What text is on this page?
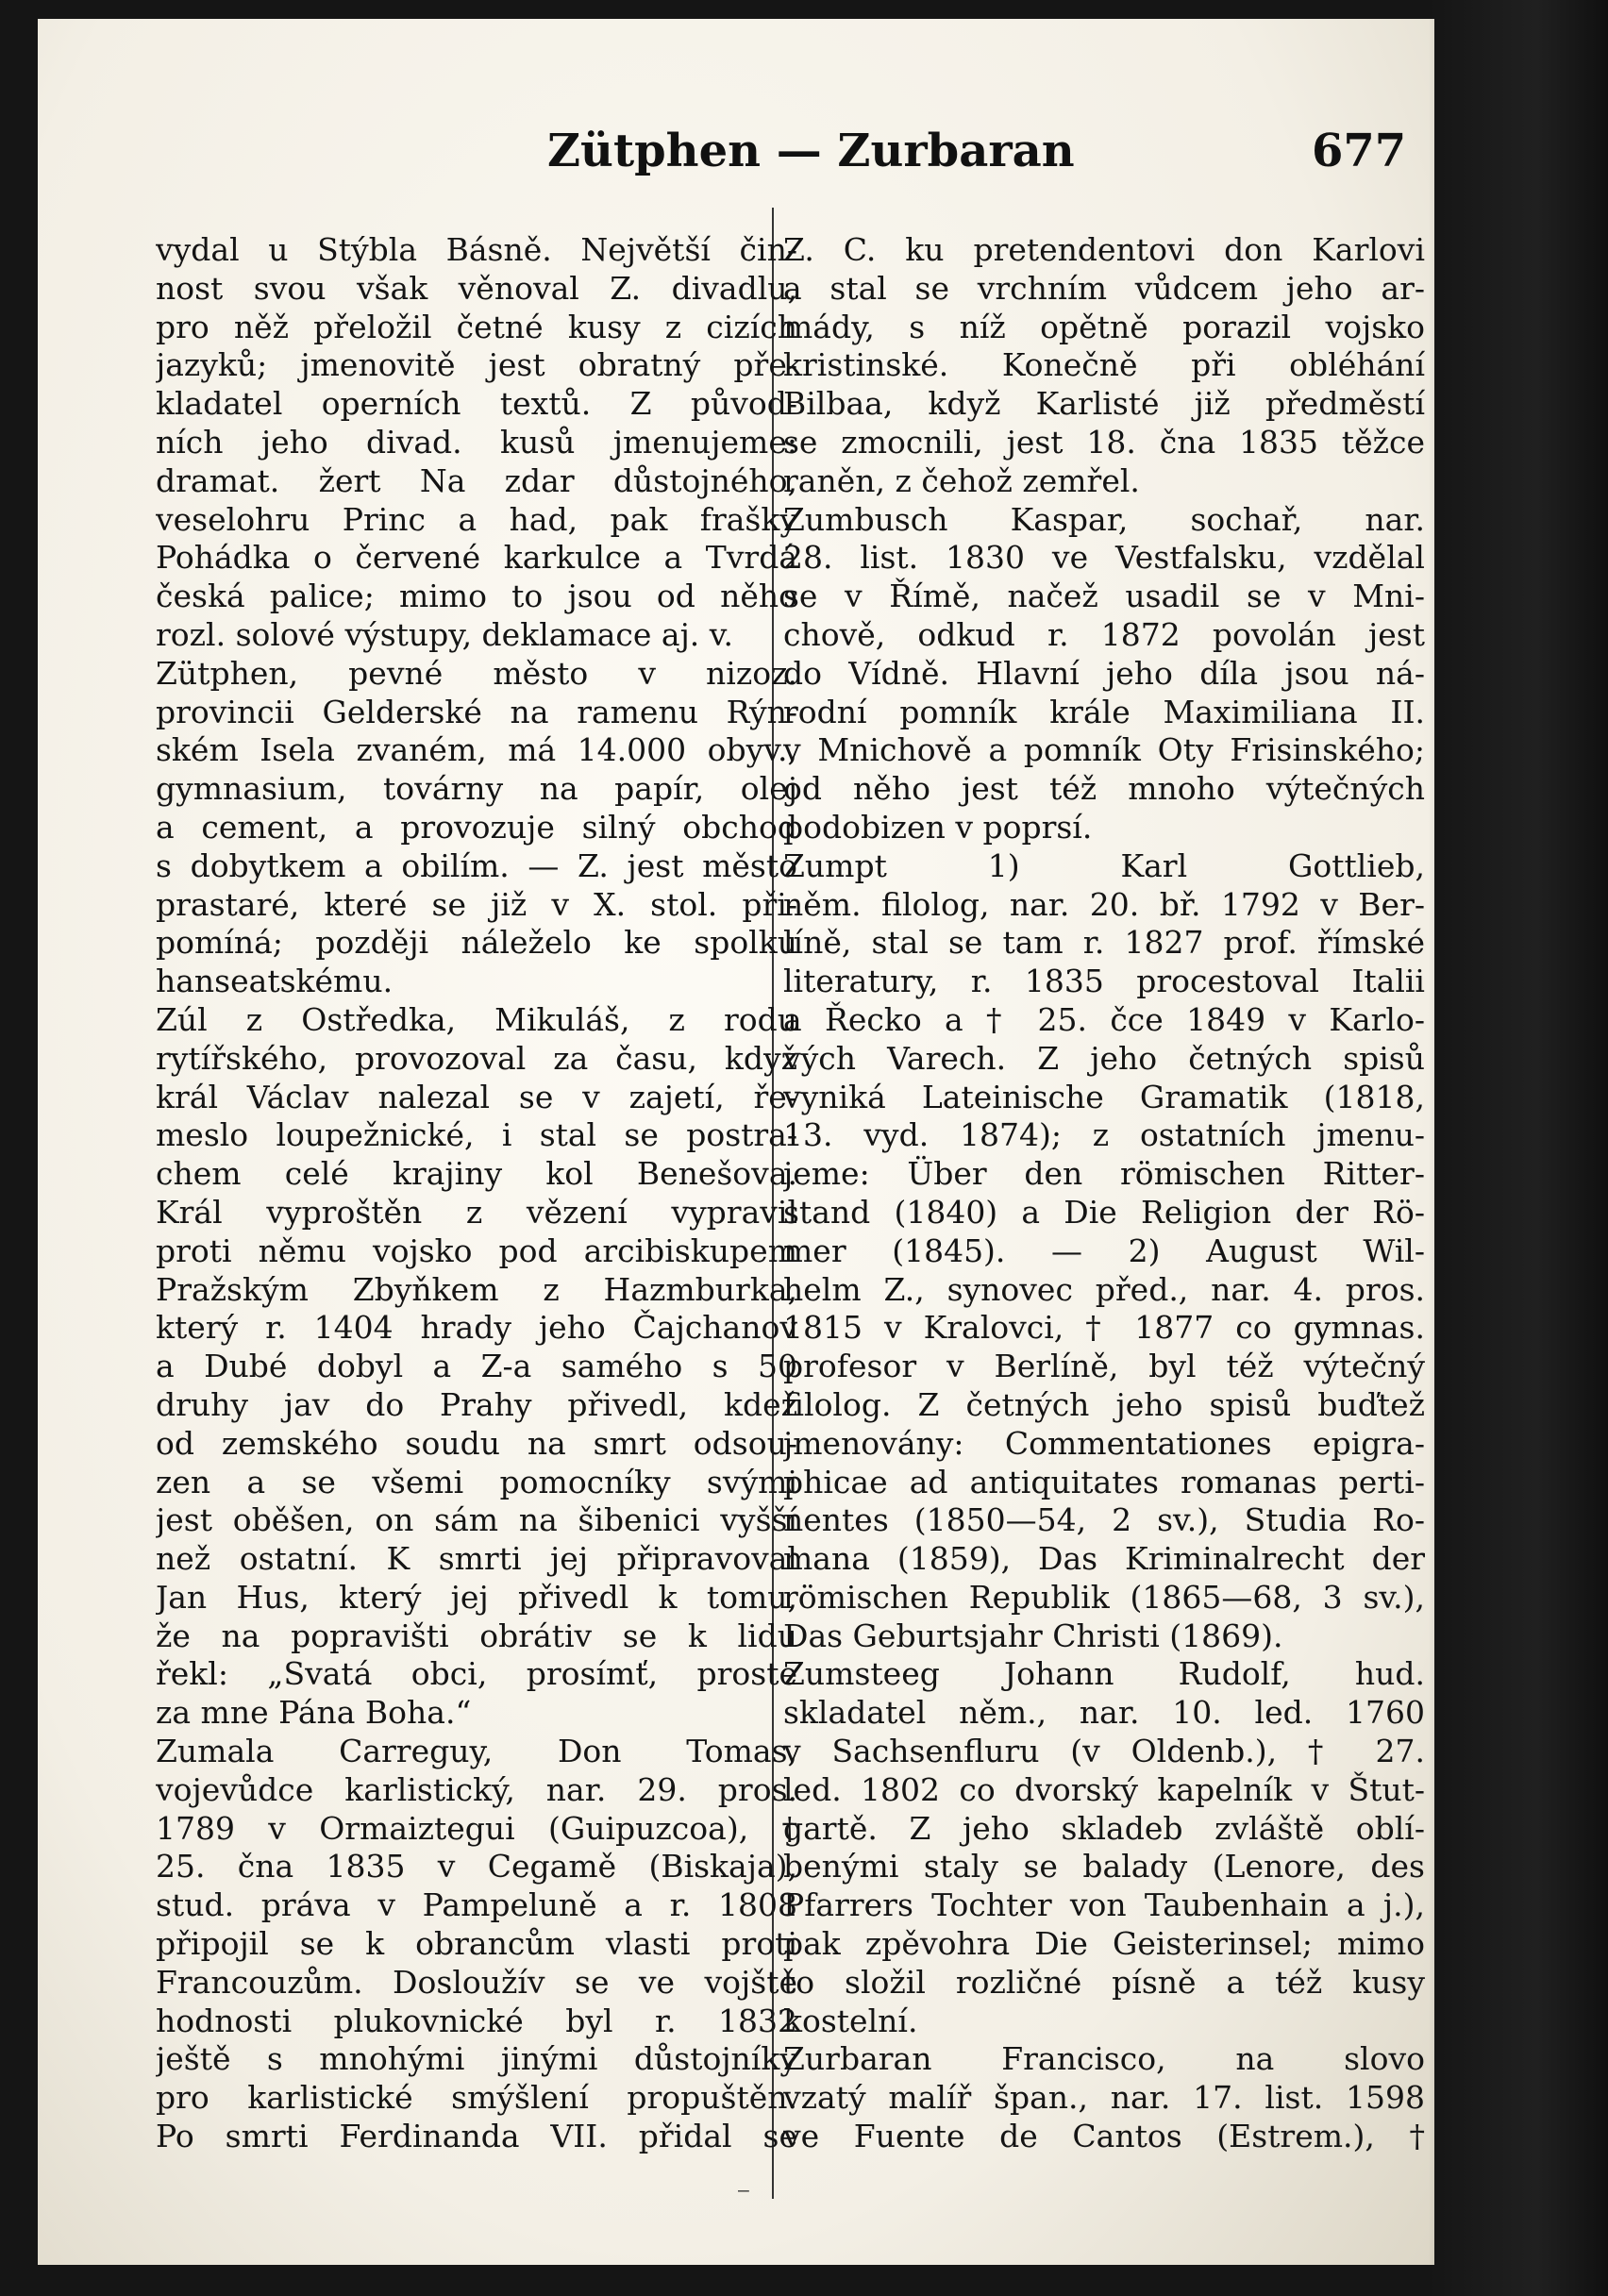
Zütphen — Zurbaran	677
vydal u Stýbla Básně. Největší čin-
nost svou však věnoval Z. divadlu,
pro něž přeložil četné kusy z cizích
jazyků; jmenovitě jest obratný pře-
kladatel operních textů. Z původ-
ních jeho divad. kusů jmenujeme:
dramat. žert Na zdar důstojného,
veselohru Princ a had, pak frašky
Pohádka o červené karkulce a Tvrdá
česká palice; mimo to jsou od něho
rozl. solové výstupy, deklamace aj. v.
Zütphen, pevné město v nizoz.
provincii Gelderské na ramenu Rýn-
ském Isela zvaném, má 14.000 obyv.,
gymnasium, továrny na papír, olej
a cement, a provozuje silný obchod
s dobytkem a obilím. — Z. jest město
prastaré, které se již v X. stol. při-
pomíná; později náleželo ke spolku
hanseatskému.
Zúl z Ostředka, Mikuláš, z rodu
rytířského, provozoval za času, když
král Václav nalezal se v zajetí, ře-
meslo loupežnické, i stal se postra-
chem celé krajiny kol Benešova.
Král vyproštěn z vězení vypravil
proti němu vojsko pod arcibiskupem
Pražským Zbyňkem z Hazmburka,
který r. 1404 hrady jeho Čajchanov
a Dubé dobyl a Z-a samého s 50
druhy jav do Prahy přivedl, kdež
od zemského soudu na smrt odsou-
zen a se všemi pomocníky svými
jest oběšen, on sám na šibenici vyšší
než ostatní. K smrti jej připravoval
Jan Hus, který jej přivedl k tomu,
že na popravišti obrátiv se k lidu
řekl: „Svatá obci, prosímť, proste
za mne Pána Boha.“
Zumala Carreguy, Don Tomas,
vojevůdce karlistický, nar. 29. pros.
1789 v Ormaiztegui (Guipuzcoa), †
25. čna 1835 v Cegamě (Biskaja),
stud. práva v Pampeluně a r. 1808
připojil se k obrancům vlasti proti
Francouzům. Dosloužív se ve vojště
hodnosti plukovnické byl r. 1832
ještě s mnohými jinými důstojníky
pro karlistické smýšlení propuštěn.
Po smrti Ferdinanda VII. přidal se
Z. C. ku pretendentovi don Karlovi
a stal se vrchním vůdcem jeho ar-
mády, s níž opětně porazil vojsko
kristinské. Konečně při obléhání
Bilbaa, když Karlisté již předměstí
se zmocnili, jest 18. čna 1835 těžce
raněn, z čehož zemřel.
Zumbusch Kaspar, sochař, nar.
28. list. 1830 ve Vestfalsku, vzdělal
se v Římě, načež usadil se v Mni-
chově, odkud r. 1872 povolán jest
do Vídně. Hlavní jeho díla jsou ná-
rodní pomník krále Maximiliana II.
v Mnichově a pomník Oty Frisinského;
od něho jest též mnoho výtečných
podobizen v poprsí.
Zumpt 1) Karl Gottlieb,
něm. filolog, nar. 20. bř. 1792 v Ber-
líně, stal se tam r. 1827 prof. římské
literatury, r. 1835 procestoval Italii
a Řecko a † 25. čce 1849 v Karlo-
vých Varech. Z jeho četných spisů
vyniká Lateinische Gramatik (1818,
13. vyd. 1874); z ostatních jmenu-
jeme: Über den römischen Ritter-
stand (1840) a Die Religion der Rö-
mer (1845). — 2) August Wil-
helm Z., synovec před., nar. 4. pros.
1815 v Kralovci, † 1877 co gymnas.
profesor v Berlíně, byl též výtečný
filolog. Z četných jeho spisů buďtež
jmenovány: Commentationes epigra-
phicae ad antiquitates romanas perti-
nentes (1850—54, 2 sv.), Studia Ro-
mana (1859), Das Kriminalrecht der
römischen Republik (1865—68, 3 sv.),
Das Geburtsjahr Christi (1869).
Zumsteeg Johann Rudolf, hud.
skladatel něm., nar. 10. led. 1760
v Sachsenfluru (v Oldenb.), † 27.
led. 1802 co dvorský kapelník v Štut-
gartě. Z jeho skladeb zvláště oblí-
benými staly se balady (Lenore, des
Pfarrers Tochter von Taubenhain a j.),
pak zpěvohra Die Geisterinsel; mimo
to složil rozličné písně a též kusy
kostelní.
Zurbaran Francisco, na slovo
vzatý malíř špan., nar. 17. list. 1598
ve Fuente de Cantos (Estrem.), †
⁻
